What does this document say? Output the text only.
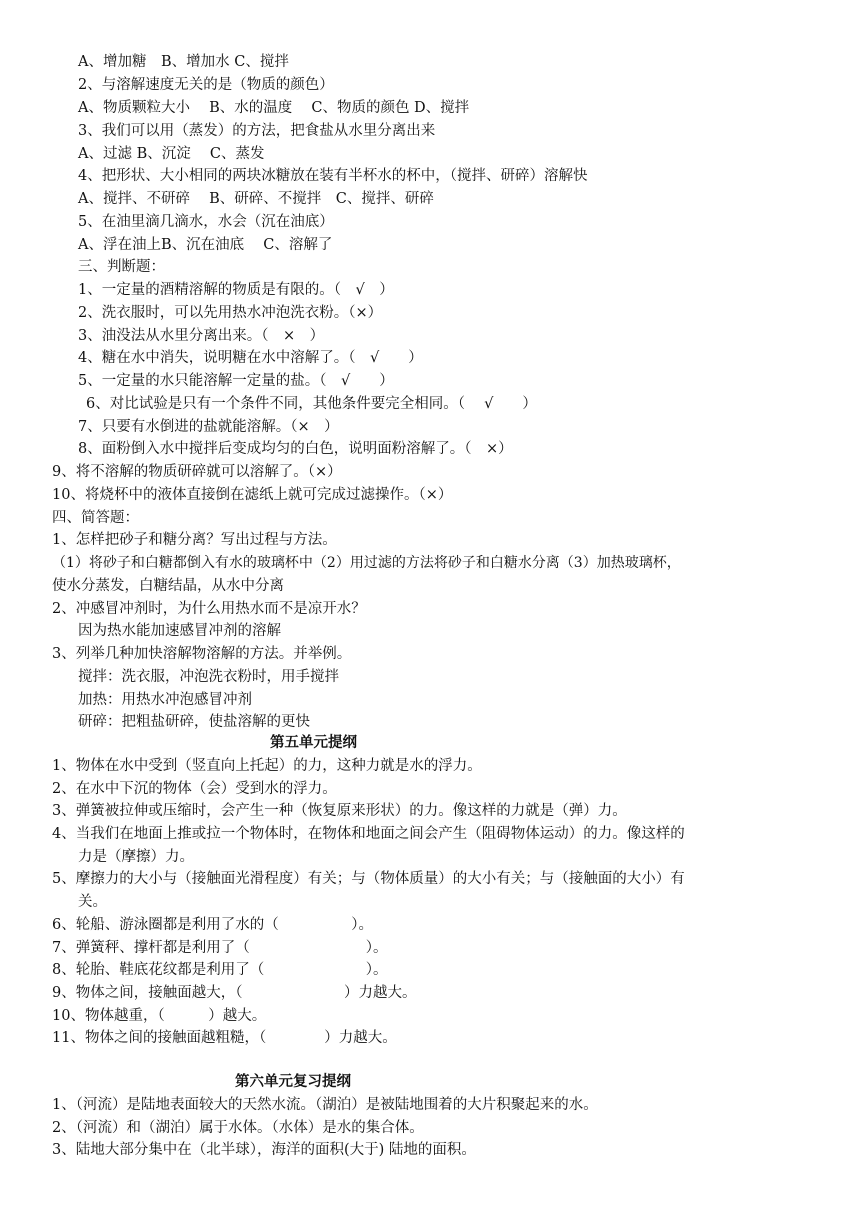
A、增加糖　B、增加水 C、搅拌
2、与溶解速度无关的是（物质的颜色）
A、物质颗粒大小　 B、水的温度　 C、物质的颜色 D、搅拌
3、我们可以用（蒸发）的方法，把食盐从水里分离出来
A、过滤 B、沉淀　 C、蒸发
4、把形状、大小相同的两块冰糖放在装有半杯水的杯中，（搅拌、研碎）溶解快
A、搅拌、不研碎　 B、研碎、不搅拌　C、搅拌、研碎
5、在油里滴几滴水，水会（沉在油底）
A、浮在油上B、沉在油底　 C、溶解了
三、判断题：
1、一定量的酒精溶解的物质是有限的。（　√　）
2、洗衣服时，可以先用热水冲泡洗衣粉。（×）
3、油没法从水里分离出来。（　×　）
4、糖在水中消失，说明糖在水中溶解了。（　√　　）
5、一定量的水只能溶解一定量的盐。（　√　　）
6、对比试验是只有一个条件不同，其他条件要完全相同。（　 √　　）
7、只要有水倒进的盐就能溶解。（×　）
8、面粉倒入水中搅拌后变成均匀的白色，说明面粉溶解了。（　×）
9、将不溶解的物质研碎就可以溶解了。（×）
10、将烧杯中的液体直接倒在滤纸上就可完成过滤操作。（×）
四、简答题：
1、怎样把砂子和糖分离？写出过程与方法。
（1）将砂子和白糖都倒入有水的玻璃杯中（2）用过滤的方法将砂子和白糖水分离（3）加热玻璃杯，
使水分蒸发，白糖结晶，从水中分离
2、冲感冒冲剂时，为什么用热水而不是凉开水？
因为热水能加速感冒冲剂的溶解
3、列举几种加快溶解物溶解的方法。并举例。
搅拌：洗衣服，冲泡洗衣粉时，用手搅拌
加热：用热水冲泡感冒冲剂
研碎：把粗盐研碎，使盐溶解的更快
第五单元提纲
1、物体在水中受到（竖直向上托起）的力，这种力就是水的浮力。
2、在水中下沉的物体（会）受到水的浮力。
3、弹簧被拉伸或压缩时，会产生一种（恢复原来形状）的力。像这样的力就是（弹）力。
4、当我们在地面上推或拉一个物体时，在物体和地面之间会产生（阻碍物体运动）的力。像这样的
力是（摩擦）力。
5、摩擦力的大小与（接触面光滑程度）有关；与（物体质量）的大小有关；与（接触面的大小）有
关。
6、轮船、游泳圈都是利用了水的（　　　　　）。
7、弹簧秤、撑杆都是利用了（　　　　　　　　）。
8、轮胎、鞋底花纹都是利用了（　　　　　　　）。
9、物体之间，接触面越大，（　　　　　　　）力越大。
10、物体越重，（　　　）越大。
11、物体之间的接触面越粗糙，（　　　　）力越大。
第六单元复习提纲
1、（河流）是陆地表面较大的天然水流。（湖泊）是被陆地围着的大片积聚起来的水。
2、（河流）和（湖泊）属于水体。（水体）是水的集合体。
3、陆地大部分集中在（北半球），海洋的面积(大于) 陆地的面积。
